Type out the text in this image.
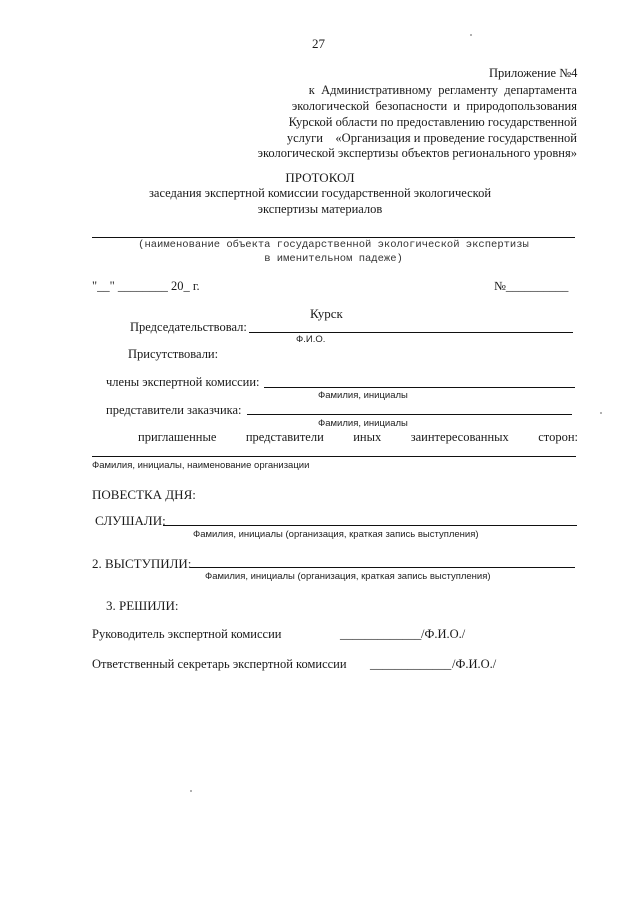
27
Приложение №4
к  Административному  регламенту  департамента
экологической  безопасности  и  природопользования
Курской области по предоставлению государственной
услуги    «Организация и проведение государственной
экологической экспертизы объектов регионального уровня»
ПРОТОКОЛ
заседания экспертной комиссии государственной экологической
экспертизы материалов
(наименование объекта государственной экологической экспертизы
в именительном падеже)
"__" ________ 20_ г.	№__________
Курск
Председательствовал:
Ф.И.О.
Присутствовали:
члены экспертной комиссии:
Фамилия, инициалы
представители заказчика:
Фамилия, инициалы
приглашенные представители иных заинтересованных сторон:
Фамилия, инициалы, наименование организации
ПОВЕСТКА ДНЯ:
СЛУШАЛИ:
Фамилия, инициалы (организация, краткая запись выступления)
2. ВЫСТУПИЛИ:
Фамилия, инициалы (организация, краткая запись выступления)
3. РЕШИЛИ:
Руководитель экспертной комиссии	_____________ /Ф.И.О./
Ответственный секретарь экспертной комиссии _____________ /Ф.И.О./
